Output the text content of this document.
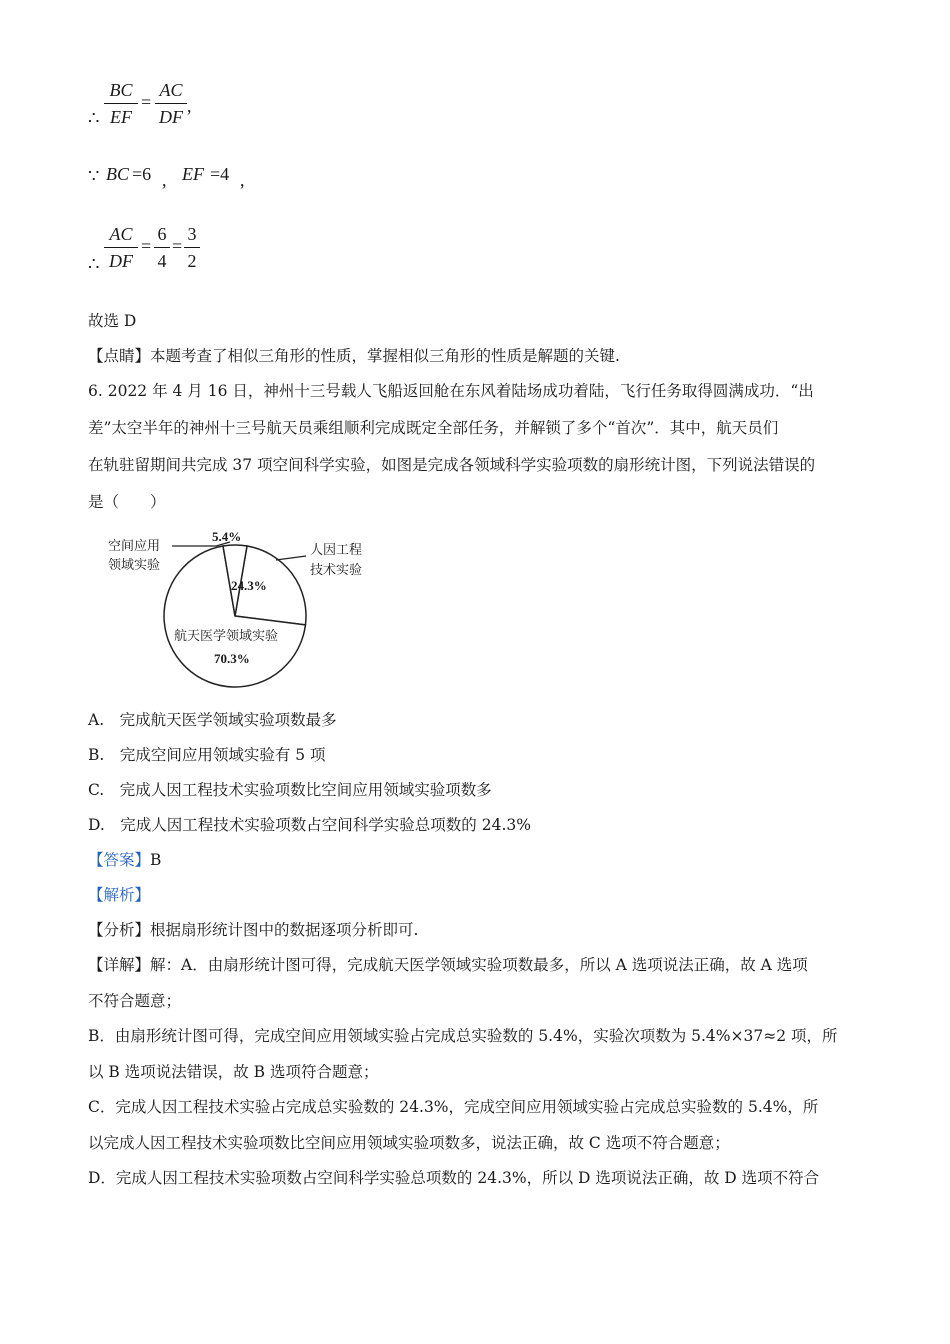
∴
BC
EF
=
AC
DF
,
∵ BC =6 , EF =4 ,
∴
AC
DF
=
6
4
=
3
2
故选 D
【点睛】本题考查了相似三角形的性质，掌握相似三角形的性质是解题的关键.
6. 2022 年 4 月 16 日，神州十三号载人飞船返回舱在东风着陆场成功着陆，飞行任务取得圆满成功．“出
差”太空半年的神州十三号航天员乘组顺利完成既定全部任务，并解锁了多个“首次”．其中，航天员们
在轨驻留期间共完成 37 项空间科学实验，如图是完成各领域科学实验项数的扇形统计图，下列说法错误的
是（　　）
5.4%
24.3%
70.3%
空间应用
领域实验
人因工程
技术实验
航天医学领域实验
A.　完成航天医学领域实验项数最多
B.　完成空间应用领域实验有 5 项
C.　完成人因工程技术实验项数比空间应用领域实验项数多
D.　完成人因工程技术实验项数占空间科学实验总项数的 24.3%
【答案】B
【解析】
【分析】根据扇形统计图中的数据逐项分析即可.
【详解】解：A．由扇形统计图可得，完成航天医学领域实验项数最多，所以 A 选项说法正确，故 A 选项
不符合题意；
B．由扇形统计图可得，完成空间应用领域实验占完成总实验数的 5.4%，实验次项数为 5.4%×37≈2 项，所
以 B 选项说法错误，故 B 选项符合题意；
C．完成人因工程技术实验占完成总实验数的 24.3%，完成空间应用领域实验占完成总实验数的 5.4%，所
以完成人因工程技术实验项数比空间应用领域实验项数多，说法正确，故 C 选项不符合题意；
D．完成人因工程技术实验项数占空间科学实验总项数的 24.3%，所以 D 选项说法正确，故 D 选项不符合
